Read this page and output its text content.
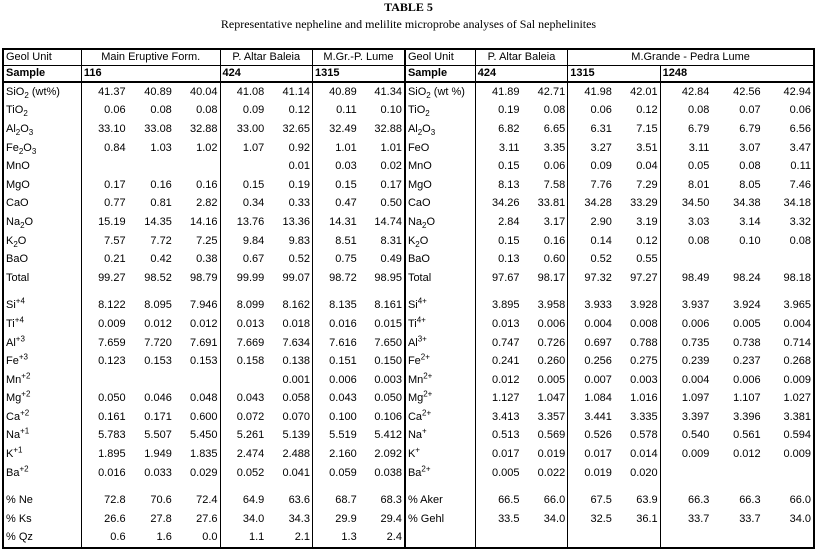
TABLE 5
Representative nepheline and melilite microprobe analyses of Sal nephelinites
Geol Unit	Main Eruptive Form.			P. Altar Baleia		M.Gr.-P. Lume		Geol Unit	P. Altar Baleia		M.Grande - Pedra Lume				
Sample	116			424		1315		Sample	424		1315		1248		
SiO$_2$ (wt%)	41.37	40.89	40.04	41.08	41.14	40.89	41.34	SiO$_2$ (wt %)	41.89	42.71	41.98	42.01	42.84	42.56	42.94
TiO$_2$	0.06	0.08	0.08	0.09	0.12	0.11	0.10	TiO$_2$	0.19	0.08	0.06	0.12	0.08	0.07	0.06
$Al_2O_3$	33.10	33.08	32.88	33.00	32.65	32.49	32.88	$Al_2O_3$	6.82	6.65	6.31	7.15	6.79	6.79	6.56
$Fe_2O_3$	0.84	1.03	1.02	1.07	0.92	1.01	1.01	FeO	3.11	3.35	3.27	3.51	3.11	3.07	3.47
MnO					0.01	0.03	0.02	MnO	0.15	0.06	0.09	0.04	0.05	0.08	0.11
MgO	0.17	0.16	0.16	0.15	0.19	0.15	0.17	MgO	8.13	7.58	7.76	7.29	8.01	8.05	7.46
CaO	0.77	0.81	2.82	0.34	0.33	0.47	0.50	CaO	34.26	33.81	34.28	33.29	34.50	34.38	34.18
$Na_2O$	15.19	14.35	14.16	13.76	13.36	14.31	14.74	$Na_2O$	2.84	3.17	2.90	3.19	3.03	3.14	3.32
$K_2O$	7.57	7.72	7.25	9.84	9.83	8.51	8.31	$K_2O$	0.15	0.16	0.14	0.12	0.08	0.10	0.08
BaO	0.21	0.42	0.38	0.67	0.52	0.75	0.49	BaO	0.13	0.60	0.52	0.55			
Total	99.27	98.52	98.79	99.99	99.07	98.72	98.95	Total	97.67	98.17	97.32	97.27	98.49	98.24	98.18

$Si^{+4}$	8.122	8.095	7.946	8.099	8.162	8.135	8.161	$Si^{4+}$	3.895	3.958	3.933	3.928	3.937	3.924	3.965
$Ti^{+4}$	0.009	0.012	0.012	0.013	0.018	0.016	0.015	$Ti^{4+}$	0.013	0.006	0.004	0.008	0.006	0.005	0.004
$Al^{+3}$	7.659	7.720	7.691	7.669	7.634	7.616	7.650	$Al^{3+}$	0.747	0.726	0.697	0.788	0.735	0.738	0.714
$Fe^{+3}$	0.123	0.153	0.153	0.158	0.138	0.151	0.150	$Fe^{2+}$	0.241	0.260	0.256	0.275	0.239	0.237	0.268
$Mn^{+2}$					0.001	0.006	0.003	$Mn^{2+}$	0.012	0.005	0.007	0.003	0.004	0.006	0.009
$Mg^{+2}$	0.050	0.046	0.048	0.043	0.058	0.043	0.050	$Mg^{2+}$	1.127	1.047	1.084	1.016	1.097	1.107	1.027
$Ca^{+2}$	0.161	0.171	0.600	0.072	0.070	0.100	0.106	$Ca^{2+}$	3.413	3.357	3.441	3.335	3.397	3.396	3.381
$Na^{+1}$	5.783	5.507	5.450	5.261	5.139	5.519	5.412	Na+	0.513	0.569	0.526	0.578	0.540	0.561	0.594
$K^{+1}$	1.895	1.949	1.835	2.474	2.488	2.160	2.092	K+	0.017	0.019	0.017	0.014	0.009	0.012	0.009
$Ba^{+2}$	0.016	0.033	0.029	0.052	0.041	0.059	0.038	$Ba^{2+}$	0.005	0.022	0.019	0.020			

% Ne	72.8	70.6	72.4	64.9	63.6	68.7	68.3	% Aker	66.5	66.0	67.5	63.9	66.3	66.3	66.0
% Ks	26.6	27.8	27.6	34.0	34.3	29.9	29.4	% Gehl	33.5	34.0	32.5	36.1	33.7	33.7	34.0
% Qz	0.6	1.6	0.0	1.1	2.1	1.3	2.4								
